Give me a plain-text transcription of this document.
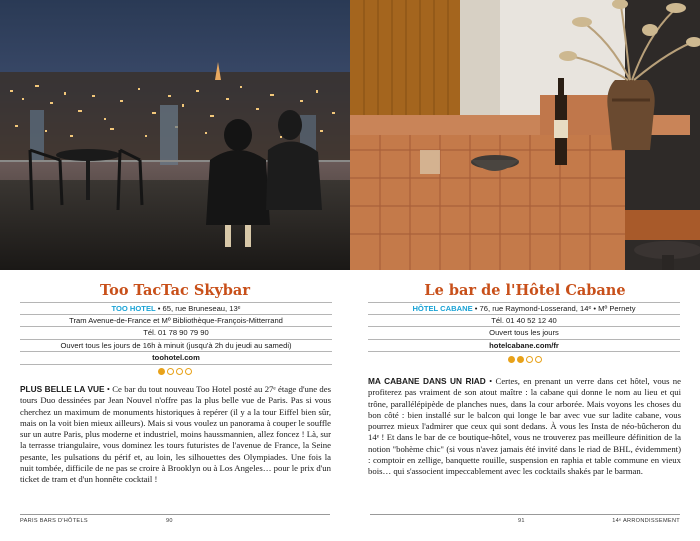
Too TacTac Skybar
TOO HOTEL • 65, rue Bruneseau, 13ᵉ
Tram Avenue-de-France et Mº Bibliothèque-François-Mitterrand
Tél. 01 78 90 79 90
Ouvert tous les jours de 16h à minuit (jusqu'à 2h du jeudi au samedi)
toohotel.com

PLUS BELLE LA VUE • Ce bar du tout nouveau Too Hotel posté au 27ᵉ étage d'une des tours Duo dessinées par Jean Nouvel n'offre pas la plus belle vue de Paris. Pas si vous cherchez un maximum de monuments historiques à repérer (il y a la tour Eiffel bien sûr, mais on la voit bien mieux ailleurs). Mais si vous voulez un panorama à couper le souffle sur un autre Paris, plus moderne et industriel, moins haussmannien, allez foncez ! Là, sur la terrasse triangulaire, vous dominez les tours futuristes de l'avenue de France, la Seine pesante, les pulsations du périf et, au loin, les silhouettes des Olympiades. Une fois la nuit tombée, difficile de ne pas se croire à Brooklyn ou à Los Angeles… pour le prix d'un ticket de tram et d'un honnête cocktail !

PARIS BARS D'HÔTELS	90
Le bar de l'Hôtel Cabane
HÔTEL CABANE • 76, rue Raymond-Losserand, 14ᵉ • Mº Pernety
Tél. 01 40 52 12 40
Ouvert tous les jours
hotelcabane.com/fr

MA CABANE DANS UN RIAD • Certes, en prenant un verre dans cet hôtel, vous ne profiterez pas vraiment de son atout maître : la cabane qui donne le nom au lieu et qui trône, parallélépipède de planches nues, dans la cour arborée. Mais voyons les choses du bon côté : bien installé sur le balcon qui longe le bar avec vue sur ladite cabane, vous pourrez mieux l'admirer que ceux qui sont dedans. À vous les Insta de néo-bûcheron du 14ᵉ ! Et dans le bar de ce boutique-hôtel, vous ne trouverez pas meilleure définition de la notion "bohème chic" (si vous n'avez jamais été invité dans le riad de BHL, évidemment) : comptoir en zellige, banquette rouille, suspension en raphia et table commune en vieux bois… qui s'associent impeccablement avec les cocktails shakés par le barman.

91	14ᵉ ARRONDISSEMENT
